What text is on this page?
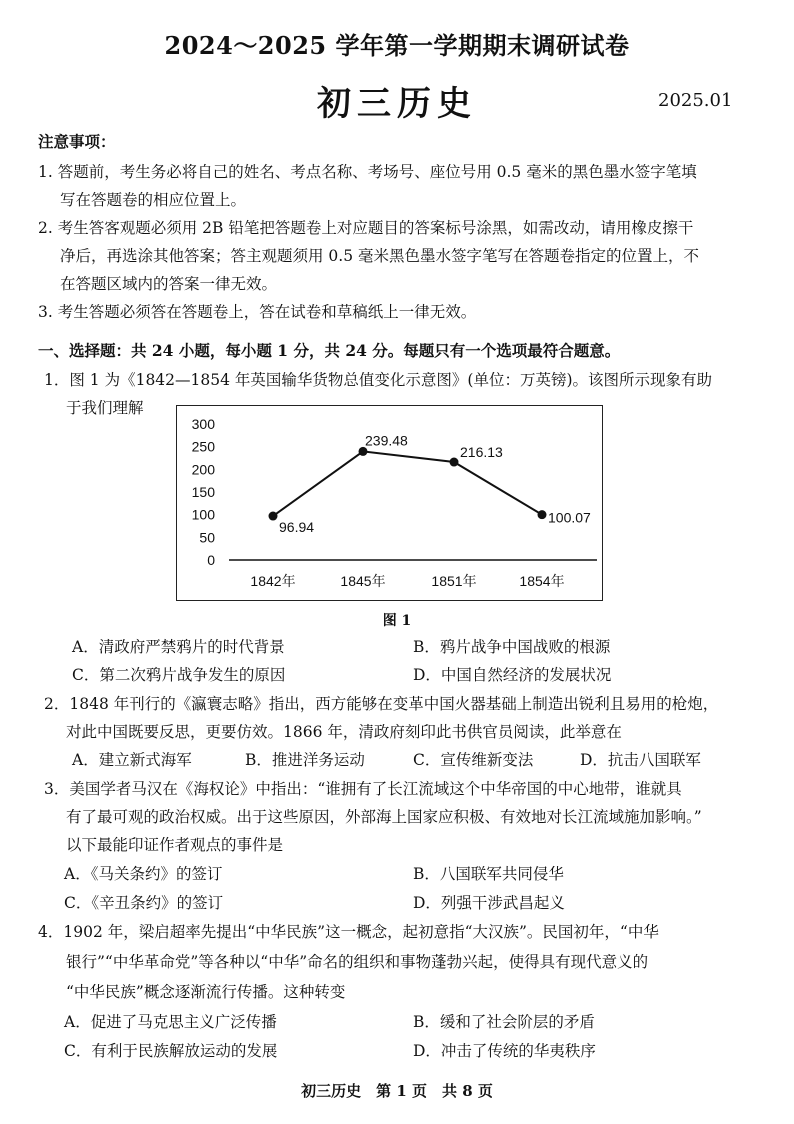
2024～2025 学年第一学期期末调研试卷
初三历史	2025.01
注意事项：
1. 答题前，考生务必将自己的姓名、考点名称、考场号、座位号用 0.5 毫米的黑色墨水签字笔填
写在答题卷的相应位置上。
2. 考生答客观题必须用 2B 铅笔把答题卷上对应题目的答案标号涂黑，如需改动，请用橡皮擦干
净后，再选涂其他答案；答主观题须用 0.5 毫米黑色墨水签字笔写在答题卷指定的位置上，不
在答题区域内的答案一律无效。
3. 考生答题必须答在答题卷上，答在试卷和草稿纸上一律无效。
一、选择题：共 24 小题，每小题 1 分，共 24 分。每题只有一个选项最符合题意。
1．图 1 为《1842—1854 年英国输华货物总值变化示意图》(单位：万英镑)。该图所示现象有助
于我们理解
300
250
200
150
100
50
0
96.94
239.48
216.13
100.07
1842年	1845年	1851年	1854年
图 1
A．清政府严禁鸦片的时代背景	B．鸦片战争中国战败的根源
C．第二次鸦片战争发生的原因	D．中国自然经济的发展状况
2．1848 年刊行的《瀛寰志略》指出，西方能够在变革中国火器基础上制造出锐利且易用的枪炮，
对此中国既要反思，更要仿效。1866 年，清政府刻印此书供官员阅读，此举意在
A．建立新式海军	B．推进洋务运动	C．宣传维新变法	D．抗击八国联军
3．美国学者马汉在《海权论》中指出：“谁拥有了长江流域这个中华帝国的中心地带，谁就具
有了最可观的政治权威。出于这些原因，外部海上国家应积极、有效地对长江流域施加影响。”
以下最能印证作者观点的事件是
A．《马关条约》的签订	B．八国联军共同侵华
C．《辛丑条约》的签订	D．列强干涉武昌起义
4．1902 年，梁启超率先提出“中华民族”这一概念，起初意指“大汉族”。民国初年，“中华
银行”“中华革命党”等各种以“中华”命名的组织和事物蓬勃兴起，使得具有现代意义的
“中华民族”概念逐渐流行传播。这种转变
A．促进了马克思主义广泛传播	B．缓和了社会阶层的矛盾
C．有利于民族解放运动的发展	D．冲击了传统的华夷秩序
初三历史　第 1 页　共 8 页
